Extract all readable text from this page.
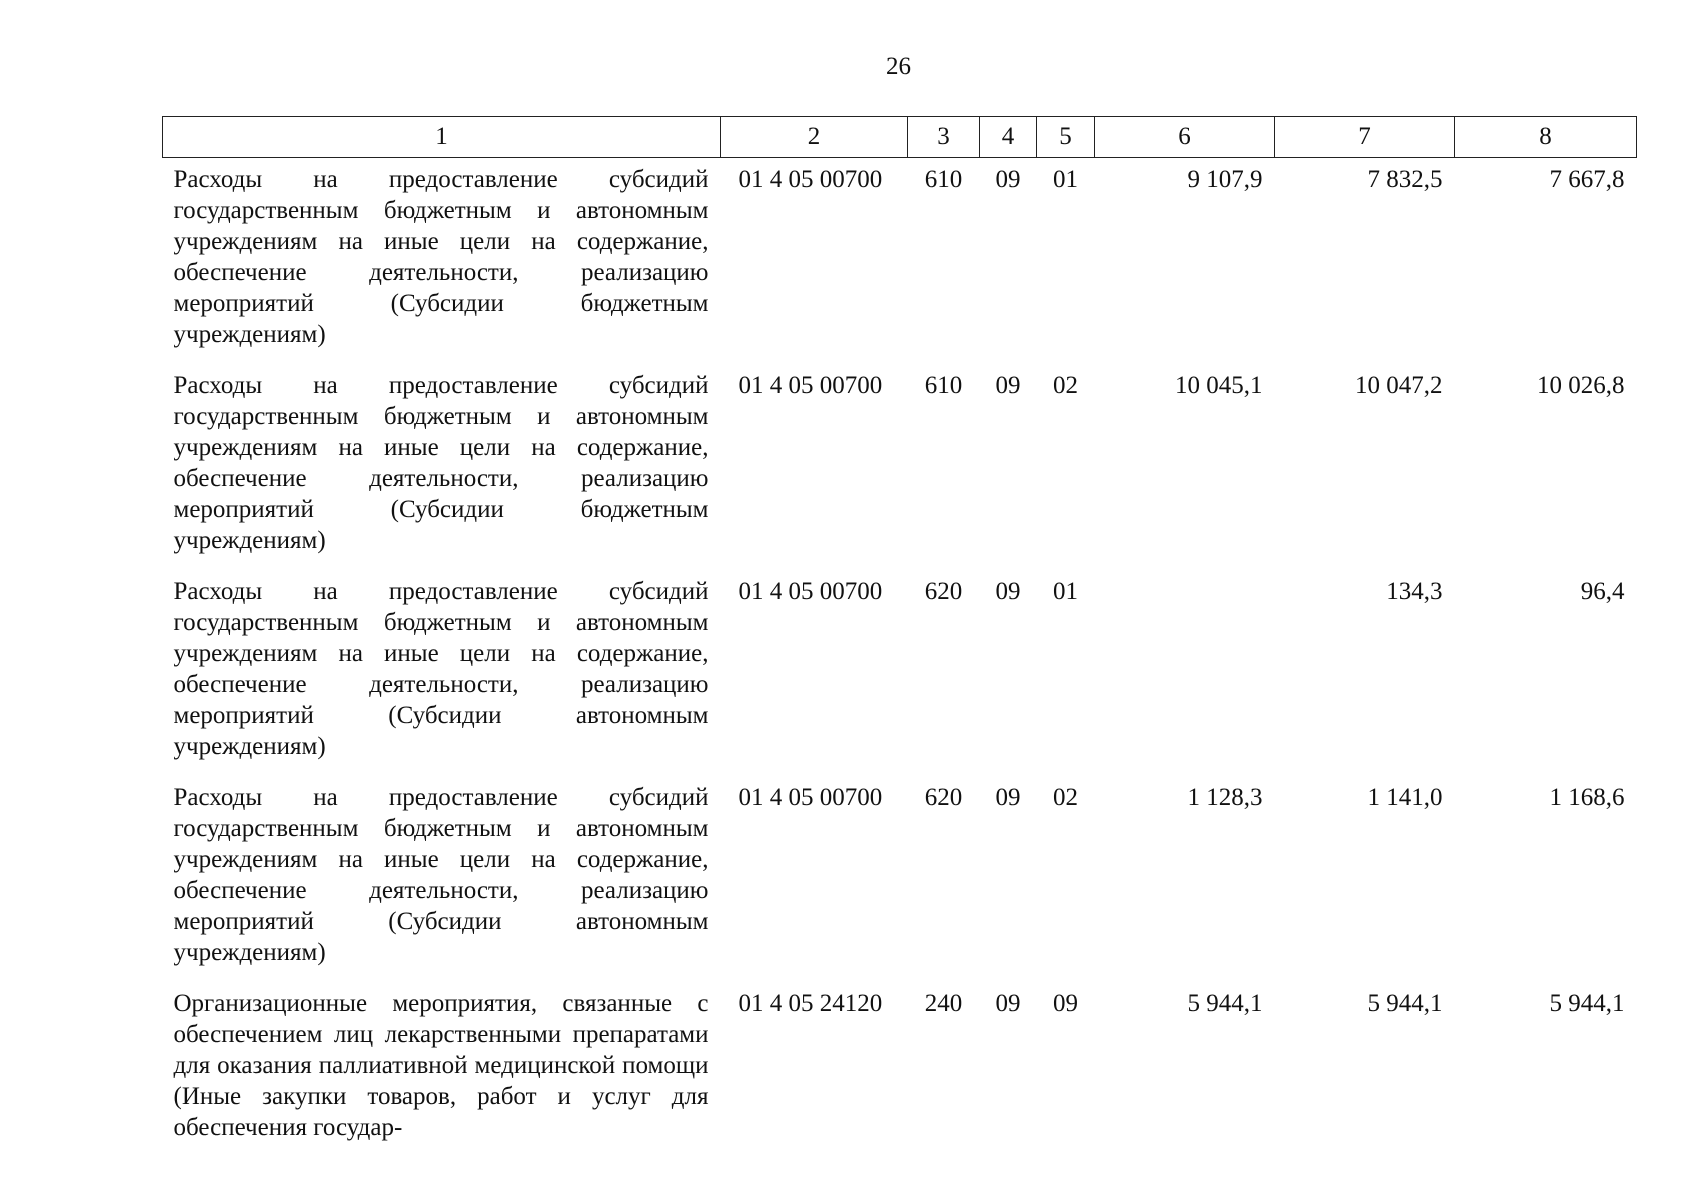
26
1	2	3	4	5	6	7	8
Расходы на предоставление субсидий государственным бюджетным и автономным учреждениям на иные цели на содержание, обеспечение деятельности, реализацию мероприятий (Субсидии бюджетным учреждениям)	01 4 05 00700	610	09	01	9 107,9	7 832,5	7 667,8
Расходы на предоставление субсидий государственным бюджетным и автономным учреждениям на иные цели на содержание, обеспечение деятельности, реализацию мероприятий (Субсидии бюджетным учреждениям)	01 4 05 00700	610	09	02	10 045,1	10 047,2	10 026,8
Расходы на предоставление субсидий государственным бюджетным и автономным учреждениям на иные цели на содержание, обеспечение деятельности, реализацию мероприятий (Субсидии автономным учреждениям)	01 4 05 00700	620	09	01		134,3	96,4
Расходы на предоставление субсидий государственным бюджетным и автономным учреждениям на иные цели на содержание, обеспечение деятельности, реализацию мероприятий (Субсидии автономным учреждениям)	01 4 05 00700	620	09	02	1 128,3	1 141,0	1 168,6
Организационные мероприятия, связанные с обеспечением лиц лекарственными препаратами для оказания паллиативной медицинской помощи (Иные закупки товаров, работ и услуг для обеспечения государ-	01 4 05 24120	240	09	09	5 944,1	5 944,1	5 944,1
